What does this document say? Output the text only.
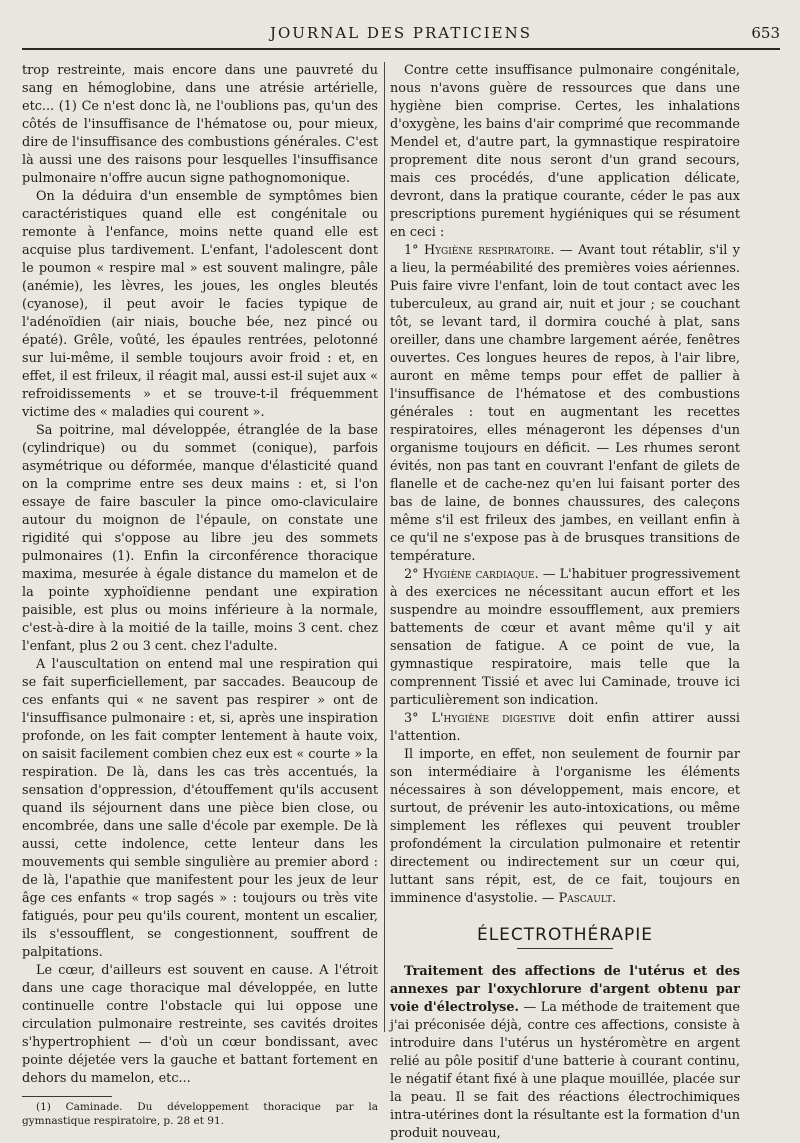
JOURNAL DES PRATICIENS	653

trop restreinte, mais encore dans une pauvreté du sang en hémoglobine, dans une atrésie artérielle, etc... (1) Ce n'est donc là, ne l'oublions pas, qu'un des côtés de l'insuffisance de l'hématose ou, pour mieux, dire de l'insuffisance des combustions générales. C'est là aussi une des raisons pour lesquelles l'insuffisance pulmonaire n'offre aucun signe pathognomonique.

On la déduira d'un ensemble de symptômes bien caractéristiques quand elle est congénitale ou remonte à l'enfance, moins nette quand elle est acquise plus tardivement. L'enfant, l'adolescent dont le poumon « respire mal » est souvent malingre, pâle (anémie), les lèvres, les joues, les ongles bleutés (cyanose), il peut avoir le facies typique de l'adénoïdien (air niais, bouche bée, nez pincé ou épaté). Grêle, voûté, les épaules rentrées, pelotonné sur lui-même, il semble toujours avoir froid : et, en effet, il est frileux, il réagit mal, aussi est-il sujet aux « refroidissements » et se trouve-t-il fréquemment victime des « maladies qui courent ».

Sa poitrine, mal développée, étranglée de la base (cylindrique) ou du sommet (conique), parfois asymétrique ou déformée, manque d'élasticité quand on la comprime entre ses deux mains : et, si l'on essaye de faire basculer la pince omo-claviculaire autour du moignon de l'épaule, on constate une rigidité qui s'oppose au libre jeu des sommets pulmonaires (1). Enfin la circonférence thoracique maxima, mesurée à égale distance du mamelon et de la pointe xyphoïdienne pendant une expiration paisible, est plus ou moins inférieure à la normale, c'est-à-dire à la moitié de la taille, moins 3 cent. chez l'enfant, plus 2 ou 3 cent. chez l'adulte.

A l'auscultation on entend mal une respiration qui se fait superficiellement, par saccades. Beaucoup de ces enfants qui « ne savent pas respirer » ont de l'insuffisance pulmonaire : et, si, après une inspiration profonde, on les fait compter lentement à haute voix, on saisit facilement combien chez eux est « courte » la respiration. De là, dans les cas très accentués, la sensation d'oppression, d'étouffement qu'ils accusent quand ils séjournent dans une pièce bien close, ou encombrée, dans une salle d'école par exemple. De là aussi, cette indolence, cette lenteur dans les mouvements qui semble singulière au premier abord : de là, l'apathie que manifestent pour les jeux de leur âge ces enfants « trop sagés » : toujours ou très vite fatigués, pour peu qu'ils courent, montent un escalier, ils s'essoufflent, se congestionnent, souffrent de palpitations.

Le cœur, d'ailleurs est souvent en cause. A l'étroit dans une cage thoracique mal développée, en lutte continuelle contre l'obstacle qui lui oppose une circulation pulmonaire restreinte, ses cavités droites s'hypertrophient — d'où un cœur bondissant, avec pointe déjetée vers la gauche et battant fortement en dehors du mamelon, etc...

(1) Caminade. Du développement thoracique par la gymnastique respiratoire, p. 28 et 91.

Contre cette insuffisance pulmonaire congénitale, nous n'avons guère de ressources que dans une hygiène bien comprise. Certes, les inhalations d'oxygène, les bains d'air comprimé que recommande Mendel et, d'autre part, la gymnastique respiratoire proprement dite nous seront d'un grand secours, mais ces procédés, d'une application délicate, devront, dans la pratique courante, céder le pas aux prescriptions purement hygiéniques qui se résument en ceci :

1° Hygiène respiratoire. — Avant tout rétablir, s'il y a lieu, la perméabilité des premières voies aériennes. Puis faire vivre l'enfant, loin de tout contact avec les tuberculeux, au grand air, nuit et jour ; se couchant tôt, se levant tard, il dormira couché à plat, sans oreiller, dans une chambre largement aérée, fenêtres ouvertes. Ces longues heures de repos, à l'air libre, auront en même temps pour effet de pallier à l'insuffisance de l'hématose et des combustions générales : tout en augmentant les recettes respiratoires, elles ménageront les dépenses d'un organisme toujours en déficit. — Les rhumes seront évités, non pas tant en couvrant l'enfant de gilets de flanelle et de cache-nez qu'en lui faisant porter des bas de laine, de bonnes chaussures, des caleçons même s'il est frileux des jambes, en veillant enfin à ce qu'il ne s'expose pas à de brusques transitions de température.

2° Hygiène cardiaque. — L'habituer progressivement à des exercices ne nécessitant aucun effort et les suspendre au moindre essoufflement, aux premiers battements de cœur et avant même qu'il y ait sensation de fatigue. A ce point de vue, la gymnastique respiratoire, mais telle que la comprennent Tissié et avec lui Caminade, trouve ici particulièrement son indication.

3° L'hygiène digestive doit enfin attirer aussi l'attention.

Il importe, en effet, non seulement de fournir par son intermédiaire à l'organisme les éléments nécessaires à son développement, mais encore, et surtout, de prévenir les auto-intoxications, ou même simplement les réflexes qui peuvent troubler profondément la circulation pulmonaire et retentir directement ou indirectement sur un cœur qui, luttant sans répit, est, de ce fait, toujours en imminence d'asystolie. — Pascault.

ÉLECTROTHÉRAPIE

Traitement des affections de l'utérus et des annexes par l'oxychlorure d'argent obtenu par voie d'électrolyse. — La méthode de traitement que j'ai préconisée déjà, contre ces affections, consiste à introduire dans l'utérus un hystéromètre en argent relié au pôle positif d'une batterie à courant continu, le négatif étant fixé à une plaque mouillée, placée sur la peau. Il se fait des réactions électrochimiques intra-utérines dont la résultante est la formation d'un produit nouveau,
